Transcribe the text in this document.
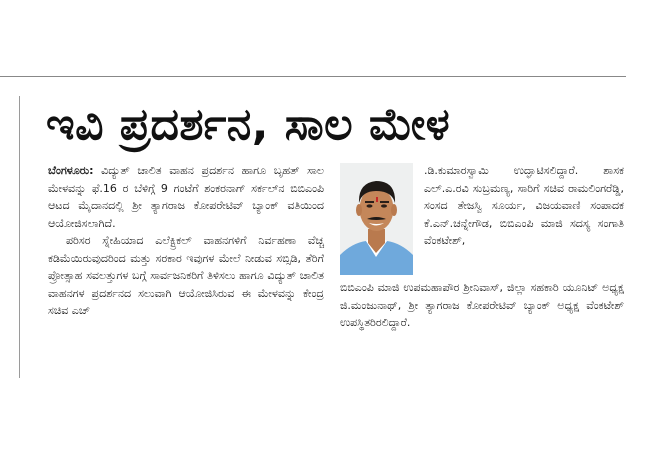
ಇವಿ ಪ್ರದರ್ಶನ, ಸಾಲ ಮೇಳ

ಬೆಂಗಳೂರು: ವಿದ್ಯುತ್ ಚಾಲಿತ ವಾಹನ ಪ್ರದರ್ಶನ ಹಾಗೂ ಬೃಹತ್ ಸಾಲ ಮೇಳವನ್ನು ಫೆ.16 ರ ಬೆಳಿಗ್ಗೆ 9 ಗಂಟೆಗೆ ಶಂಕರನಾಗ್ ಸರ್ಕಲ್‌ನ ಬಿಬಿಎಂಪಿ ಆಟದ ಮೈದಾನದಲ್ಲಿ ಶ್ರೀ ತ್ಯಾಗರಾಜ ಕೋಪರೇಟಿವ್ ಬ್ಯಾಂಕ್ ವತಿಯಿಂದ ಆಯೋಜಿಸಲಾಗಿದೆ.

ಪರಿಸರ ಸ್ನೇಹಿಯಾದ ಎಲೆಕ್ಟ್ರಿಕಲ್ ವಾಹನಗಳಿಗೆ ನಿರ್ವಹಣಾ ವೆಚ್ಚ ಕಡಿಮೆಯಿರುವುದರಿಂದ ಮತ್ತು ಸರಕಾರ ಇವುಗಳ ಮೇಲೆ ನೀಡುವ ಸಬ್ಸಿಡಿ, ತೆರಿಗೆ ಪ್ರೋತ್ಸಾಹ ಸವಲತ್ತುಗಳ ಬಗ್ಗೆ ಸಾರ್ವಜನಿಕರಿಗೆ ತಿಳಿಸಲು ಹಾಗೂ ವಿದ್ಯುತ್ ಚಾಲಿತ ವಾಹನಗಳ ಪ್ರದರ್ಶನದ ಸಲುವಾಗಿ ಆಯೋಜಿಸಿರುವ ಈ ಮೇಳವನ್ನು ಕೇಂದ್ರ ಸಚಿವ ಎಚ್

.ಡಿ.ಕುಮಾರಸ್ವಾಮಿ ಉದ್ಘಾಟಿಸಲಿದ್ದಾರೆ. ಶಾಸಕ ಎಲ್.ಎ.ರವಿ ಸುಬ್ರಮಣ್ಯ, ಸಾರಿಗೆ ಸಚಿವ ರಾಮಲಿಂಗರೆಡ್ಡಿ, ಸಂಸದ ತೇಜಸ್ವಿ ಸೂರ್ಯ, ವಿಜಯವಾಣಿ ಸಂಪಾದಕ ಕೆ.ಎನ್.ಚನ್ನೇಗೌಡ, ಬಿಬಿಎಂಪಿ ಮಾಜಿ ಸದಸ್ಯ ಸಂಗಾತಿ ವೆಂಕಟೇಶ್,

ಬಿಬಿಎಂಪಿ ಮಾಜಿ ಉಪಮಹಾಪೌರ ಶ್ರೀನಿವಾಸ್, ಜಿಲ್ಲಾ ಸಹಕಾರಿ ಯೂನಿಟ್ ಅಧ್ಯಕ್ಷ ಜಿ.ಮಂಜುನಾಥ್, ಶ್ರೀ ತ್ಯಾಗರಾಜ ಕೋಪರೇಟಿವ್ ಬ್ಯಾಂಕ್ ಅಧ್ಯಕ್ಷ ವೆಂಕಟೇಶ್ ಉಪಸ್ಥಿತರಿರಲಿದ್ದಾರೆ.
